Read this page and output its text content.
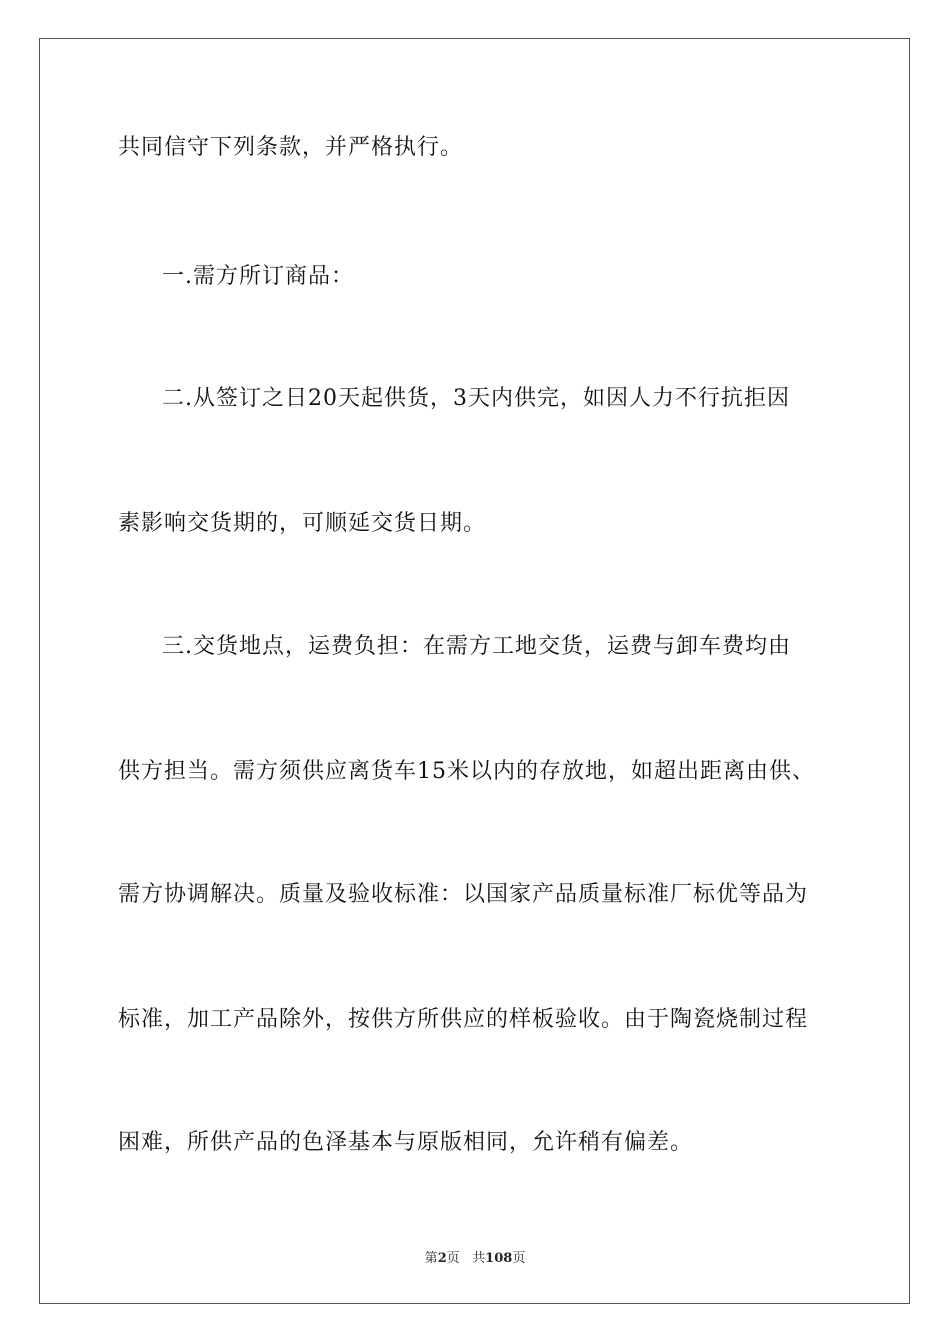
共同信守下列条款，并严格执行。
一.需方所订商品：
二.从签订之日20天起供货，3天内供完，如因人力不行抗拒因
素影响交货期的，可顺延交货日期。
三.交货地点，运费负担：在需方工地交货，运费与卸车费均由
供方担当。需方须供应离货车15米以内的存放地，如超出距离由供、
需方协调解决。质量及验收标准：以国家产品质量标准厂标优等品为
标准，加工产品除外，按供方所供应的样板验收。由于陶瓷烧制过程
困难，所供产品的色泽基本与原版相同，允许稍有偏差。
第2页 共108页
